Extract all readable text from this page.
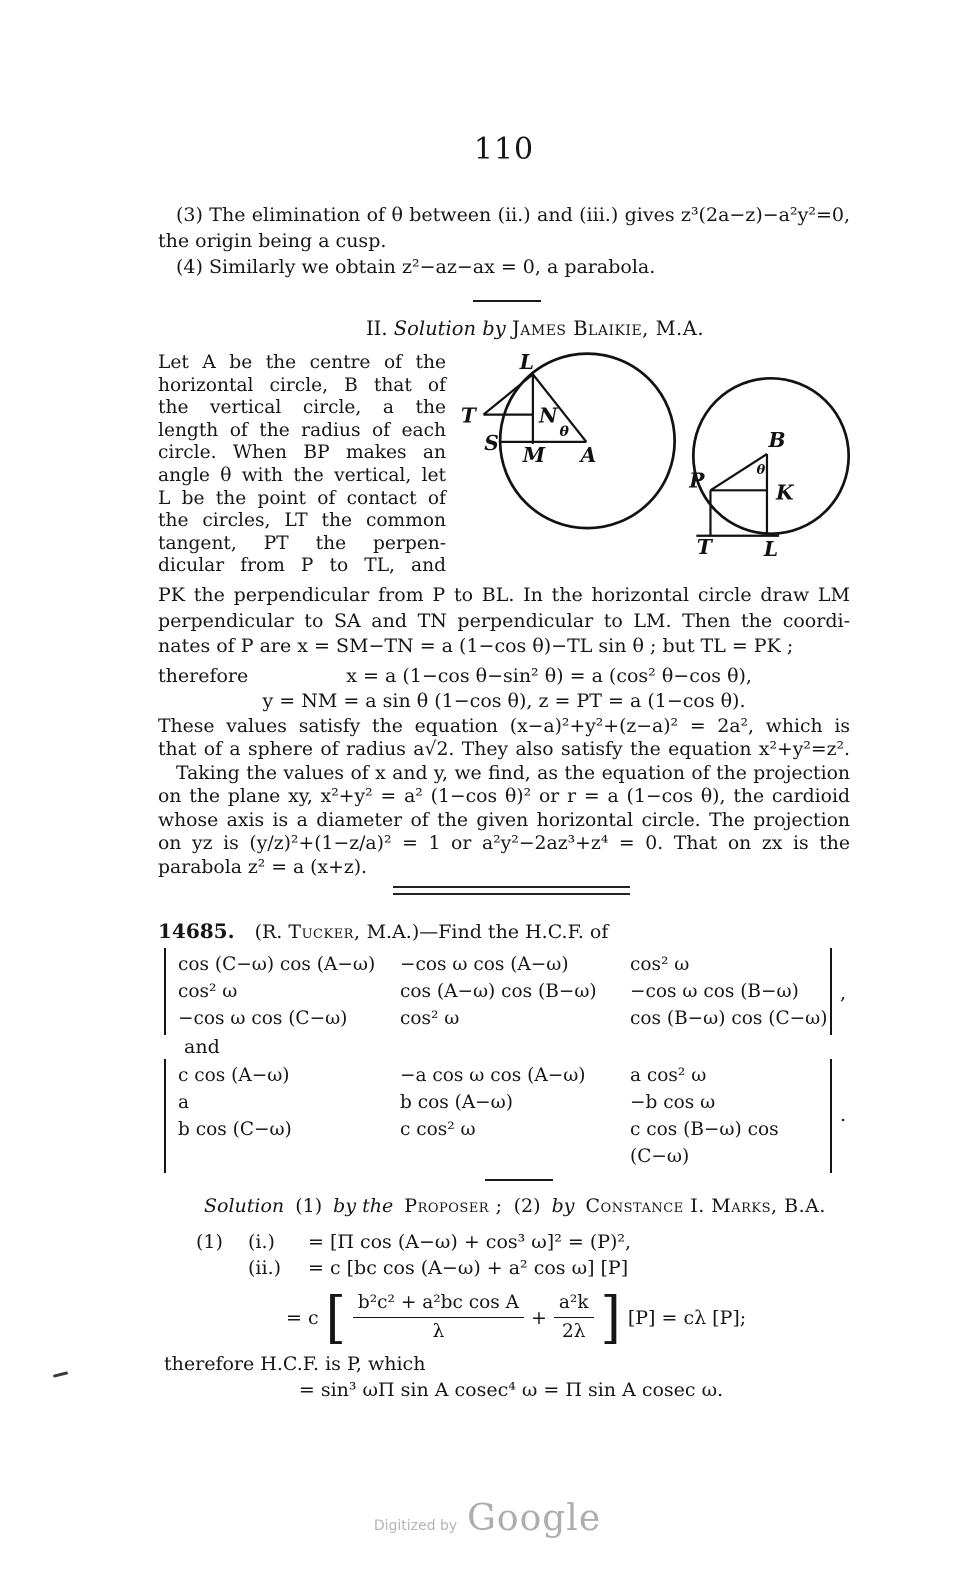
110
(3) The elimination of θ between (ii.) and (iii.) gives z³(2a−z)−a²y²=0,
the origin being a cusp.
(4) Similarly we obtain z²−az−ax = 0, a parabola.
II. Solution by James Blaikie, M.A.
Let A be the centre of the
horizontal circle, B that of
the vertical circle, a the
length of the radius of each
circle. When BP makes an
angle θ with the vertical, let
L be the point of contact of
the circles, LT the common
tangent, PT the perpen-
dicular from P to TL, and
L
T	N
S
M A
θ	B
P
K
T	L
θ
PK the perpendicular from P to BL. In the horizontal circle draw LM
perpendicular to SA and TN perpendicular to LM. Then the coordi-
nates of P are x = SM−TN = a (1−cos θ)−TL sin θ ; but TL = PK ;
therefore	x = a (1−cos θ−sin² θ) = a (cos² θ−cos θ),
y = NM = a sin θ (1−cos θ), z = PT = a (1−cos θ).
These values satisfy the equation (x−a)²+y²+(z−a)² = 2a², which is
that of a sphere of radius a√2. They also satisfy the equation x²+y²=z².
Taking the values of x and y, we find, as the equation of the projection
on the plane xy, x²+y² = a² (1−cos θ)² or r = a (1−cos θ), the cardioid
whose axis is a diameter of the given horizontal circle. The projection
on yz is (y/z)²+(1−z/a)² = 1 or a²y²−2az³+z⁴ = 0. That on zx is the
parabola z² = a (x+z).
14685. (R. Tucker, M.A.)—Find the H.C.F. of
cos (C−ω) cos (A−ω)	−cos ω cos (A−ω)	cos² ω
cos² ω	cos (A−ω) cos (B−ω)	−cos ω cos (B−ω)
−cos ω cos (C−ω)	cos² ω	cos (B−ω) cos (C−ω)
,
and
c cos (A−ω)	−a cos ω cos (A−ω)	a cos² ω
a	b cos (A−ω)	−b cos ω
b cos (C−ω)	c cos² ω	c cos (B−ω) cos (C−ω)
.
Solution (1) by the Proposer ; (2) by Constance I. Marks, B.A.
(1)	(i.)	= [Π cos (A−ω) + cos³ ω]² = (P)²,
(ii.)	= c [bc cos (A−ω) + a² cos ω] [P]
= c [ $\frac{\text{b²c² + a²bc cos A}}{\lambda} + \frac{\text{a²k}}{2\lambda}$ ] [P] = cλ [P];
therefore H.C.F. is P, which
= sin³ ωΠ sin A cosec⁴ ω = Π sin A cosec ω.
Digitized by Google
